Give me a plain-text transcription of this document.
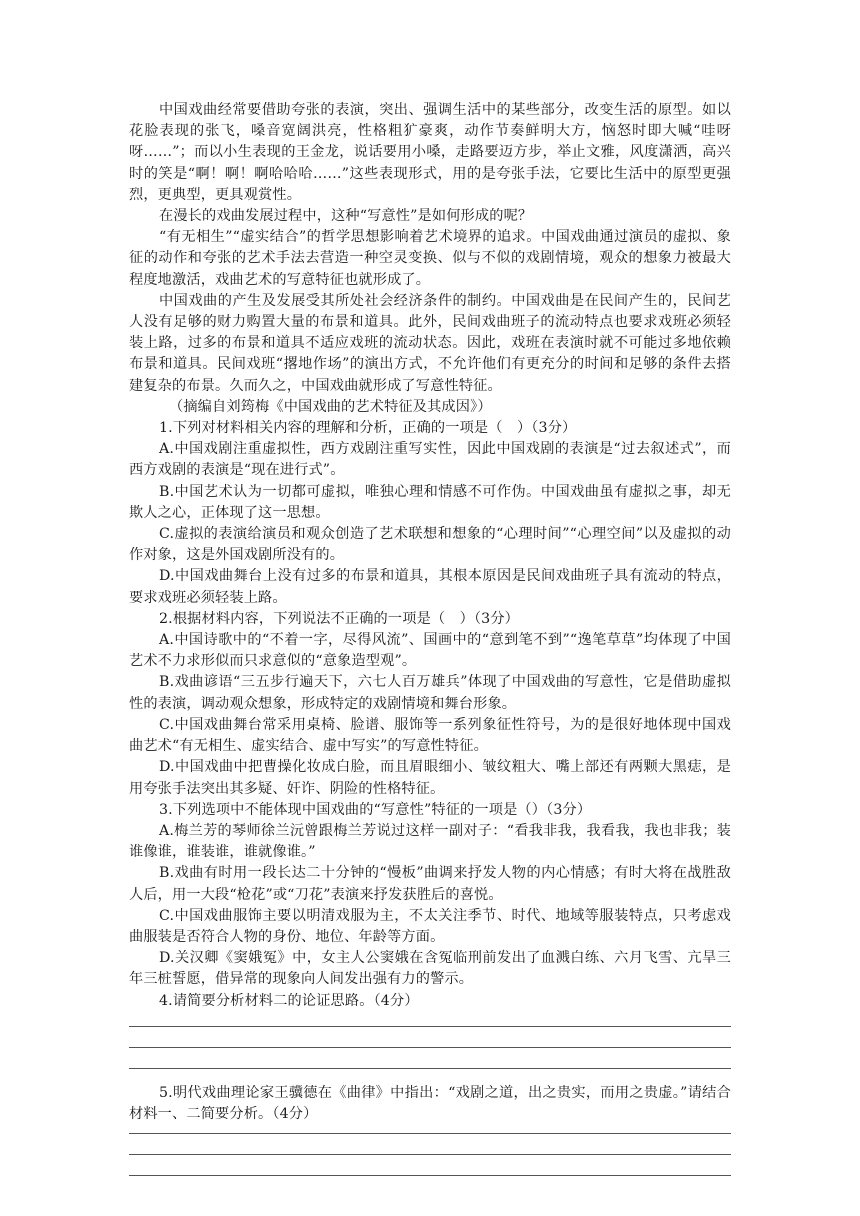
中国戏曲经常要借助夸张的表演，突出、强调生活中的某些部分，改变生活的原型。如以花脸表现的张飞，嗓音宽阔洪亮，性格粗犷豪爽，动作节奏鲜明大方，恼怒时即大喊“哇呀呀……”；而以小生表现的王金龙，说话要用小嗓，走路要迈方步，举止文雅，风度潇洒，高兴时的笑是“啊！啊！啊哈哈哈……”这些表现形式，用的是夸张手法，它要比生活中的原型更强烈，更典型，更具观赏性。

在漫长的戏曲发展过程中，这种“写意性”是如何形成的呢？

“有无相生”“虚实结合”的哲学思想影响着艺术境界的追求。中国戏曲通过演员的虚拟、象征的动作和夸张的艺术手法去营造一种空灵变换、似与不似的戏剧情境，观众的想象力被最大程度地激活，戏曲艺术的写意特征也就形成了。

中国戏曲的产生及发展受其所处社会经济条件的制约。中国戏曲是在民间产生的，民间艺人没有足够的财力购置大量的布景和道具。此外，民间戏曲班子的流动特点也要求戏班必须轻装上路，过多的布景和道具不适应戏班的流动状态。因此，戏班在表演时就不可能过多地依赖布景和道具。民间戏班“撂地作场”的演出方式，不允许他们有更充分的时间和足够的条件去搭建复杂的布景。久而久之，中国戏曲就形成了写意性特征。

（摘编自刘筠梅《中国戏曲的艺术特征及其成因》）

1.下列对材料相关内容的理解和分析，正确的一项是（　）（3分）

A.中国戏剧注重虚拟性，西方戏剧注重写实性，因此中国戏剧的表演是“过去叙述式”，而西方戏剧的表演是“现在进行式”。

B.中国艺术认为一切都可虚拟，唯独心理和情感不可作伪。中国戏曲虽有虚拟之事，却无欺人之心，正体现了这一思想。

C.虚拟的表演给演员和观众创造了艺术联想和想象的“心理时间”“心理空间”以及虚拟的动作对象，这是外国戏剧所没有的。

D.中国戏曲舞台上没有过多的布景和道具，其根本原因是民间戏曲班子具有流动的特点，要求戏班必须轻装上路。

2.根据材料内容，下列说法不正确的一项是（　）（3分）

A.中国诗歌中的“不着一字，尽得风流”、国画中的“意到笔不到”“逸笔草草”均体现了中国艺术不力求形似而只求意似的“意象造型观”。

B.戏曲谚语“三五步行遍天下，六七人百万雄兵”体现了中国戏曲的写意性，它是借助虚拟性的表演，调动观众想象，形成特定的戏剧情境和舞台形象。

C.中国戏曲舞台常采用桌椅、脸谱、服饰等一系列象征性符号，为的是很好地体现中国戏曲艺术“有无相生、虚实结合、虚中写实”的写意性特征。

D.中国戏曲中把曹操化妆成白脸，而且眉眼细小、皱纹粗大、嘴上部还有两颗大黑痣，是用夸张手法突出其多疑、奸诈、阴险的性格特征。

3.下列选项中不能体现中国戏曲的“写意性”特征的一项是（）（3分）

A.梅兰芳的琴师徐兰沅曾跟梅兰芳说过这样一副对子：“看我非我，我看我，我也非我；装谁像谁，谁装谁，谁就像谁。”

B.戏曲有时用一段长达二十分钟的“慢板”曲调来抒发人物的内心情感；有时大将在战胜敌人后，用一大段“枪花”或“刀花”表演来抒发获胜后的喜悦。

C.中国戏曲服饰主要以明清戏服为主，不太关注季节、时代、地域等服装特点，只考虑戏曲服装是否符合人物的身份、地位、年龄等方面。

D.关汉卿《窦娥冤》中，女主人公窦娥在含冤临刑前发出了血溅白练、六月飞雪、亢旱三年三桩誓愿，借异常的现象向人间发出强有力的警示。

4.请简要分析材料二的论证思路。（4分）

5.明代戏曲理论家王骥德在《曲律》中指出：“戏剧之道，出之贵实，而用之贵虚。”请结合材料一、二简要分析。（4分）
